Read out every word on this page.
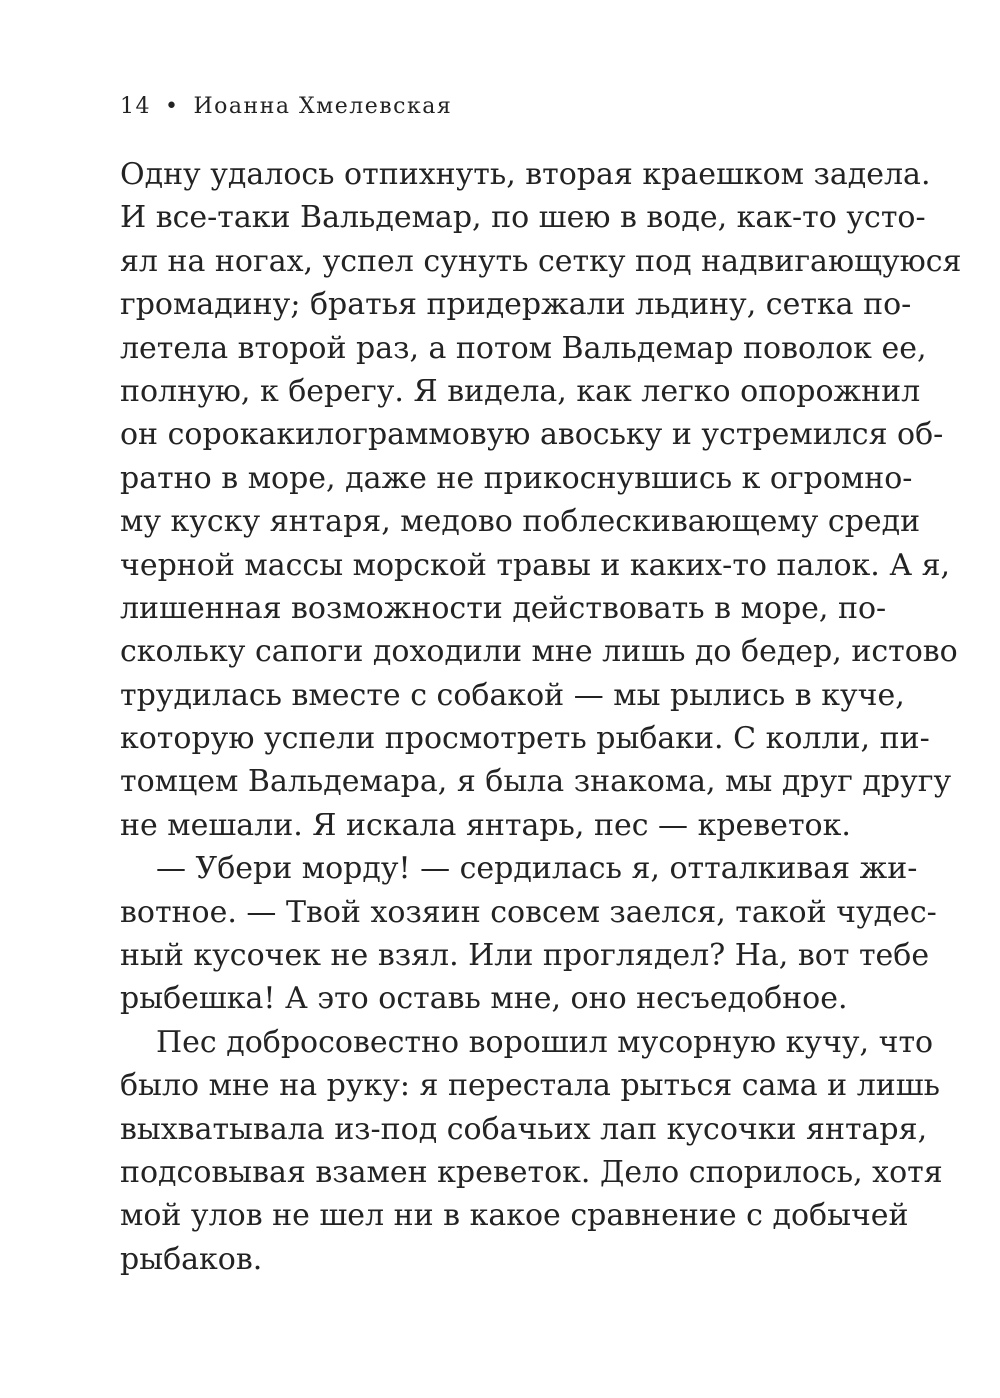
14 • Иоанна Хмелевская
Одну удалось отпихнуть, вторая краешком задела.
И все-таки Вальдемар, по шею в воде, как-то усто-
ял на ногах, успел сунуть сетку под надвигающуюся
громадину; братья придержали льдину, сетка по-
летела второй раз, а потом Вальдемар поволок ее,
полную, к берегу. Я видела, как легко опорожнил
он сорокакилограммовую авоську и устремился об-
ратно в море, даже не прикоснувшись к огромно-
му куску янтаря, медово поблескивающему среди
черной массы морской травы и каких-то палок. А я,
лишенная возможности действовать в море, по-
скольку сапоги доходили мне лишь до бедер, истово
трудилась вместе с собакой — мы рылись в куче,
которую успели просмотреть рыбаки. С колли, пи-
томцем Вальдемара, я была знакома, мы друг другу
не мешали. Я искала янтарь, пес — креветок.
— Убери морду! — сердилась я, отталкивая жи-
вотное. — Твой хозяин совсем заелся, такой чудес-
ный кусочек не взял. Или проглядел? На, вот тебе
рыбешка! А это оставь мне, оно несъедобное.
Пес добросовестно ворошил мусорную кучу, что
было мне на руку: я перестала рыться сама и лишь
выхватывала из-под собачьих лап кусочки янтаря,
подсовывая взамен креветок. Дело спорилось, хотя
мой улов не шел ни в какое сравнение с добычей
рыбаков.
